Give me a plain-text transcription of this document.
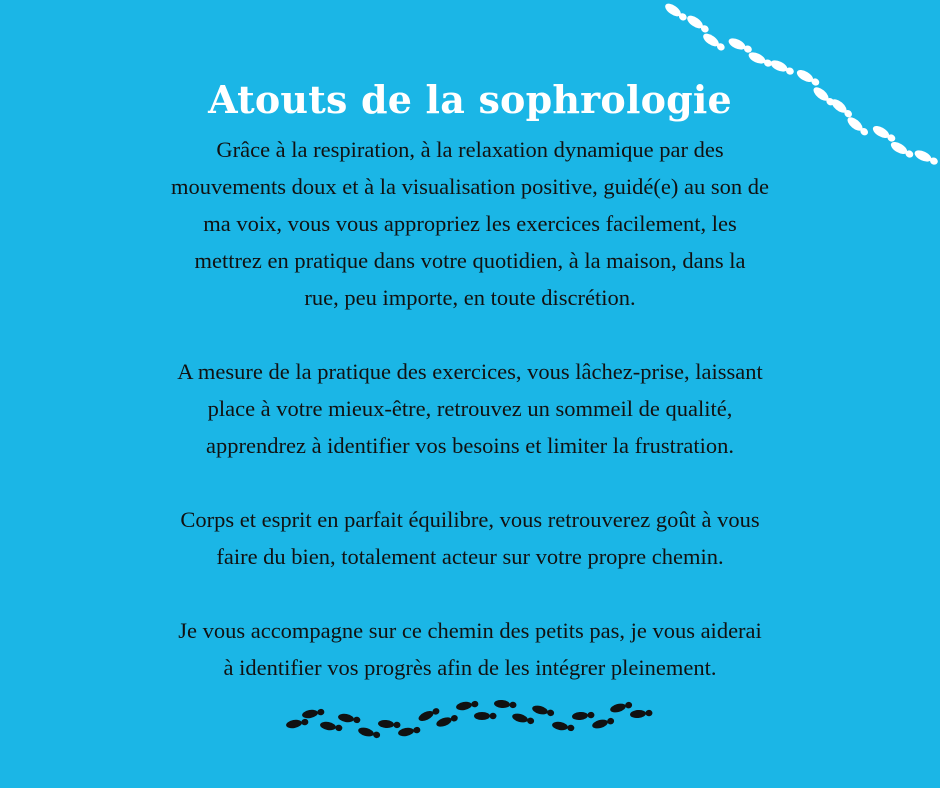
Atouts de la sophrologie

Grâce à la respiration, à la relaxation dynamique par des
mouvements doux et à la visualisation positive, guidé(e) au son de
ma voix, vous vous appropriez les exercices facilement, les
mettrez en pratique dans votre quotidien, à la maison, dans la
rue, peu importe, en toute discrétion.

A mesure de la pratique des exercices, vous lâchez-prise, laissant
place à votre mieux-être, retrouvez un sommeil de qualité,
apprendrez à identifier vos besoins et limiter la frustration.

Corps et esprit en parfait équilibre, vous retrouverez goût à vous
faire du bien, totalement acteur sur votre propre chemin.

Je vous accompagne sur ce chemin des petits pas, je vous aiderai
à identifier vos progrès afin de les intégrer pleinement.
